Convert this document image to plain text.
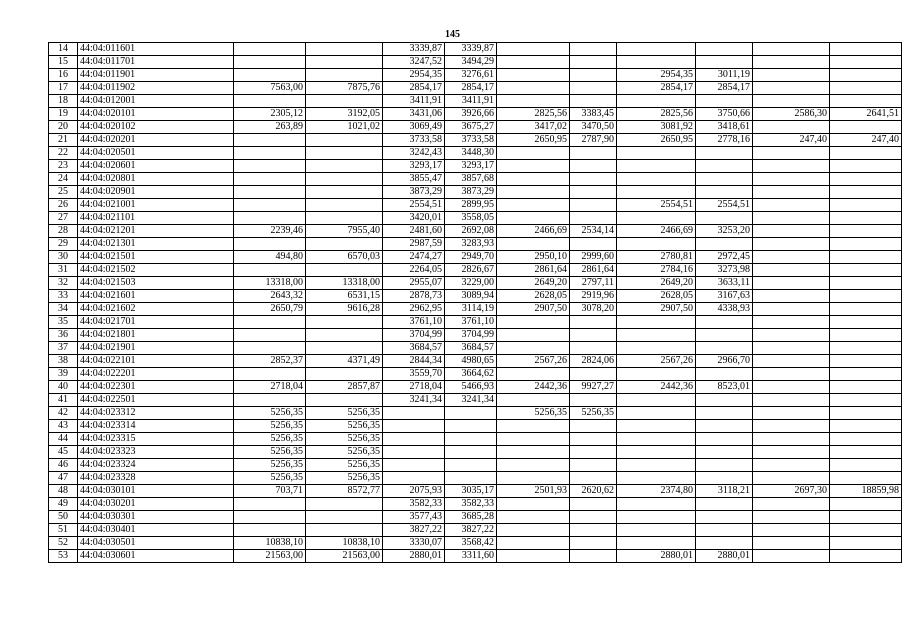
145
14	44:04:011601			3339,87	3339,87						
15	44:04:011701			3247,52	3494,29						
16	44:04:011901			2954,35	3276,61			2954,35	3011,19		
17	44:04:011902	7563,00	7875,76	2854,17	2854,17			2854,17	2854,17		
18	44:04:012001			3411,91	3411,91						
19	44:04:020101	2305,12	3192,05	3431,06	3926,66	2825,56	3383,45	2825,56	3750,66	2586,30	2641,51
20	44:04:020102	263,89	1021,02	3069,49	3675,27	3417,02	3470,50	3081,92	3418,61		
21	44:04:020201			3733,58	3733,58	2650,95	2787,90	2650,95	2778,16	247,40	247,40
22	44:04:020501			3242,43	3448,30						
23	44:04:020601			3293,17	3293,17						
24	44:04:020801			3855,47	3857,68						
25	44:04:020901			3873,29	3873,29						
26	44:04:021001			2554,51	2899,95			2554,51	2554,51		
27	44:04:021101			3420,01	3558,05						
28	44:04:021201	2239,46	7955,40	2481,60	2692,08	2466,69	2534,14	2466,69	3253,20		
29	44:04:021301			2987,59	3283,93						
30	44:04:021501	494,80	6570,03	2474,27	2949,70	2950,10	2999,60	2780,81	2972,45		
31	44:04:021502			2264,05	2826,67	2861,64	2861,64	2784,16	3273,98		
32	44:04:021503	13318,00	13318,00	2955,07	3229,00	2649,20	2797,11	2649,20	3633,11		
33	44:04:021601	2643,32	6531,15	2878,73	3089,94	2628,05	2919,96	2628,05	3167,63		
34	44:04:021602	2650,79	9616,28	2962,95	3114,19	2907,50	3078,20	2907,50	4338,93		
35	44:04:021701			3761,10	3761,10						
36	44:04:021801			3704,99	3704,99						
37	44:04:021901			3684,57	3684,57						
38	44:04:022101	2852,37	4371,49	2844,34	4980,65	2567,26	2824,06	2567,26	2966,70		
39	44:04:022201			3559,70	3664,62						
40	44:04:022301	2718,04	2857,87	2718,04	5466,93	2442,36	9927,27	2442,36	8523,01		
41	44:04:022501			3241,34	3241,34						
42	44:04:023312	5256,35	5256,35			5256,35	5256,35				
43	44:04:023314	5256,35	5256,35								
44	44:04:023315	5256,35	5256,35								
45	44:04:023323	5256,35	5256,35								
46	44:04:023324	5256,35	5256,35								
47	44:04:023328	5256,35	5256,35								
48	44:04:030101	703,71	8572,77	2075,93	3035,17	2501,93	2620,62	2374,80	3118,21	2697,30	18859,98
49	44:04:030201			3582,33	3582,33						
50	44:04:030301			3577,43	3685,28						
51	44:04:030401			3827,22	3827,22						
52	44:04:030501	10838,10	10838,10	3330,07	3568,42						
53	44:04:030601	21563,00	21563,00	2880,01	3311,60			2880,01	2880,01		
